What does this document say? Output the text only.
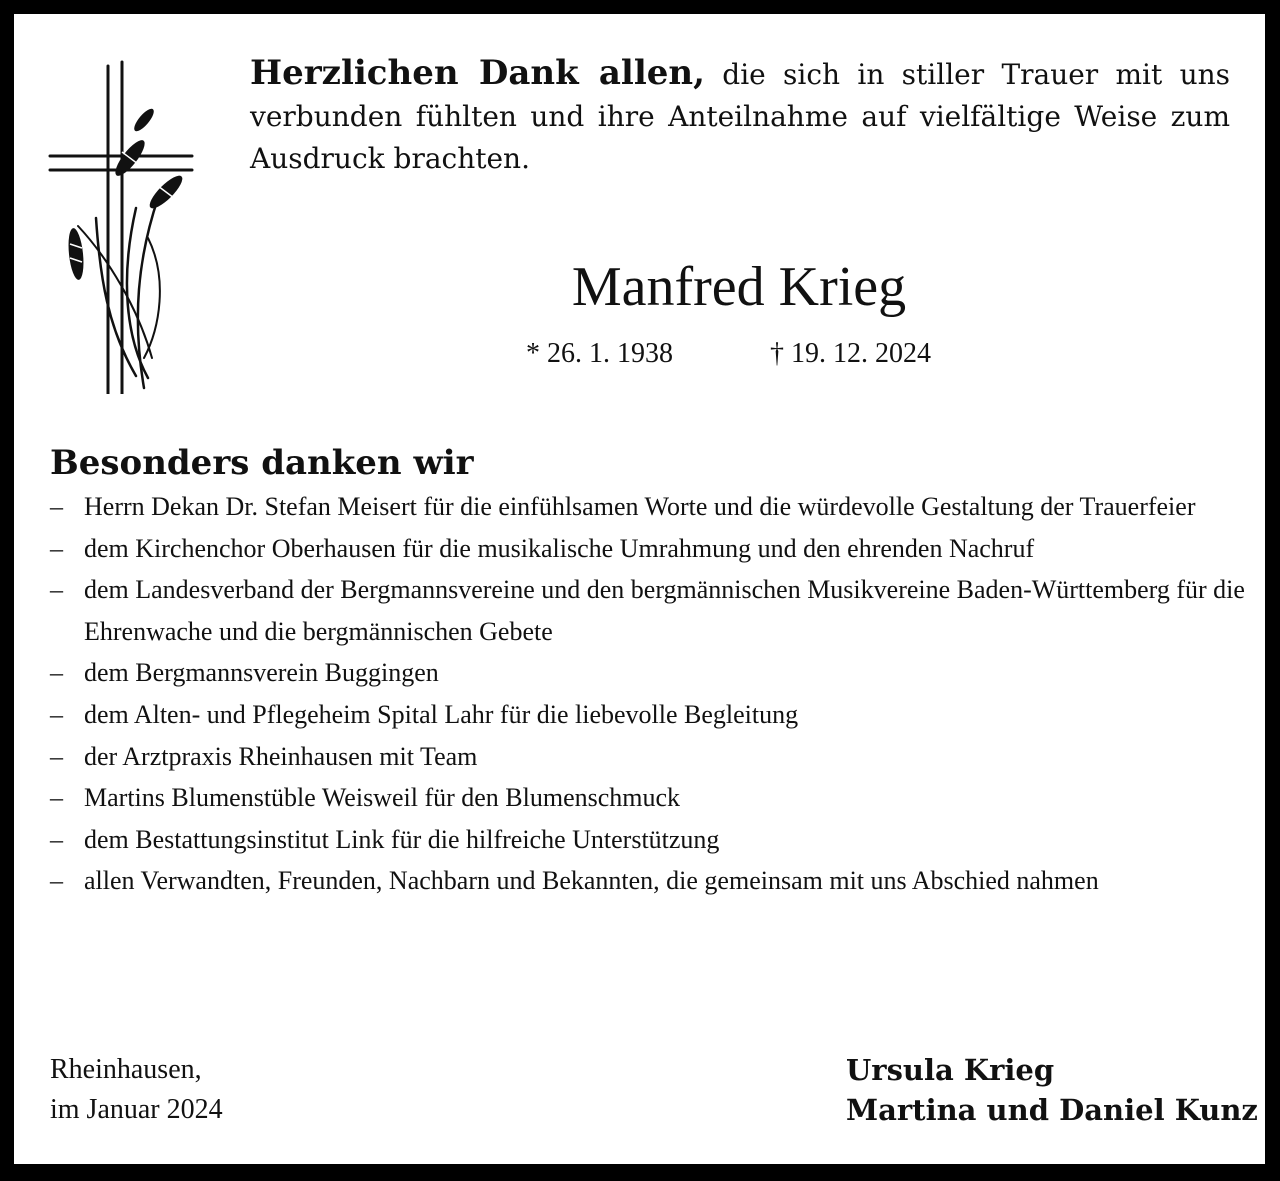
Herzlichen Dank allen, die sich in stiller Trauer mit uns verbunden fühlten und ihre Anteilnahme auf vielfältige Weise zum Ausdruck brachten.
Manfred Krieg
* 26. 1. 1938	† 19. 12. 2024
Besonders danken wir
– Herrn Dekan Dr. Stefan Meisert für die einfühlsamen Worte und die würdevolle Gestaltung der Trauerfeier
– dem Kirchenchor Oberhausen für die musikalische Umrahmung und den ehrenden Nachruf
– dem Landesverband der Bergmannsvereine und den bergmännischen Musikvereine Baden-Württemberg für die Ehrenwache und die bergmännischen Gebete
– dem Bergmannsverein Buggingen
– dem Alten- und Pflegeheim Spital Lahr für die liebevolle Begleitung
– der Arztpraxis Rheinhausen mit Team
– Martins Blumenstüble Weisweil für den Blumenschmuck
– dem Bestattungsinstitut Link für die hilfreiche Unterstützung
– allen Verwandten, Freunden, Nachbarn und Bekannten, die gemeinsam mit uns Abschied nahmen
Rheinhausen,
im Januar 2024
Ursula Krieg
Martina und Daniel Kunz
